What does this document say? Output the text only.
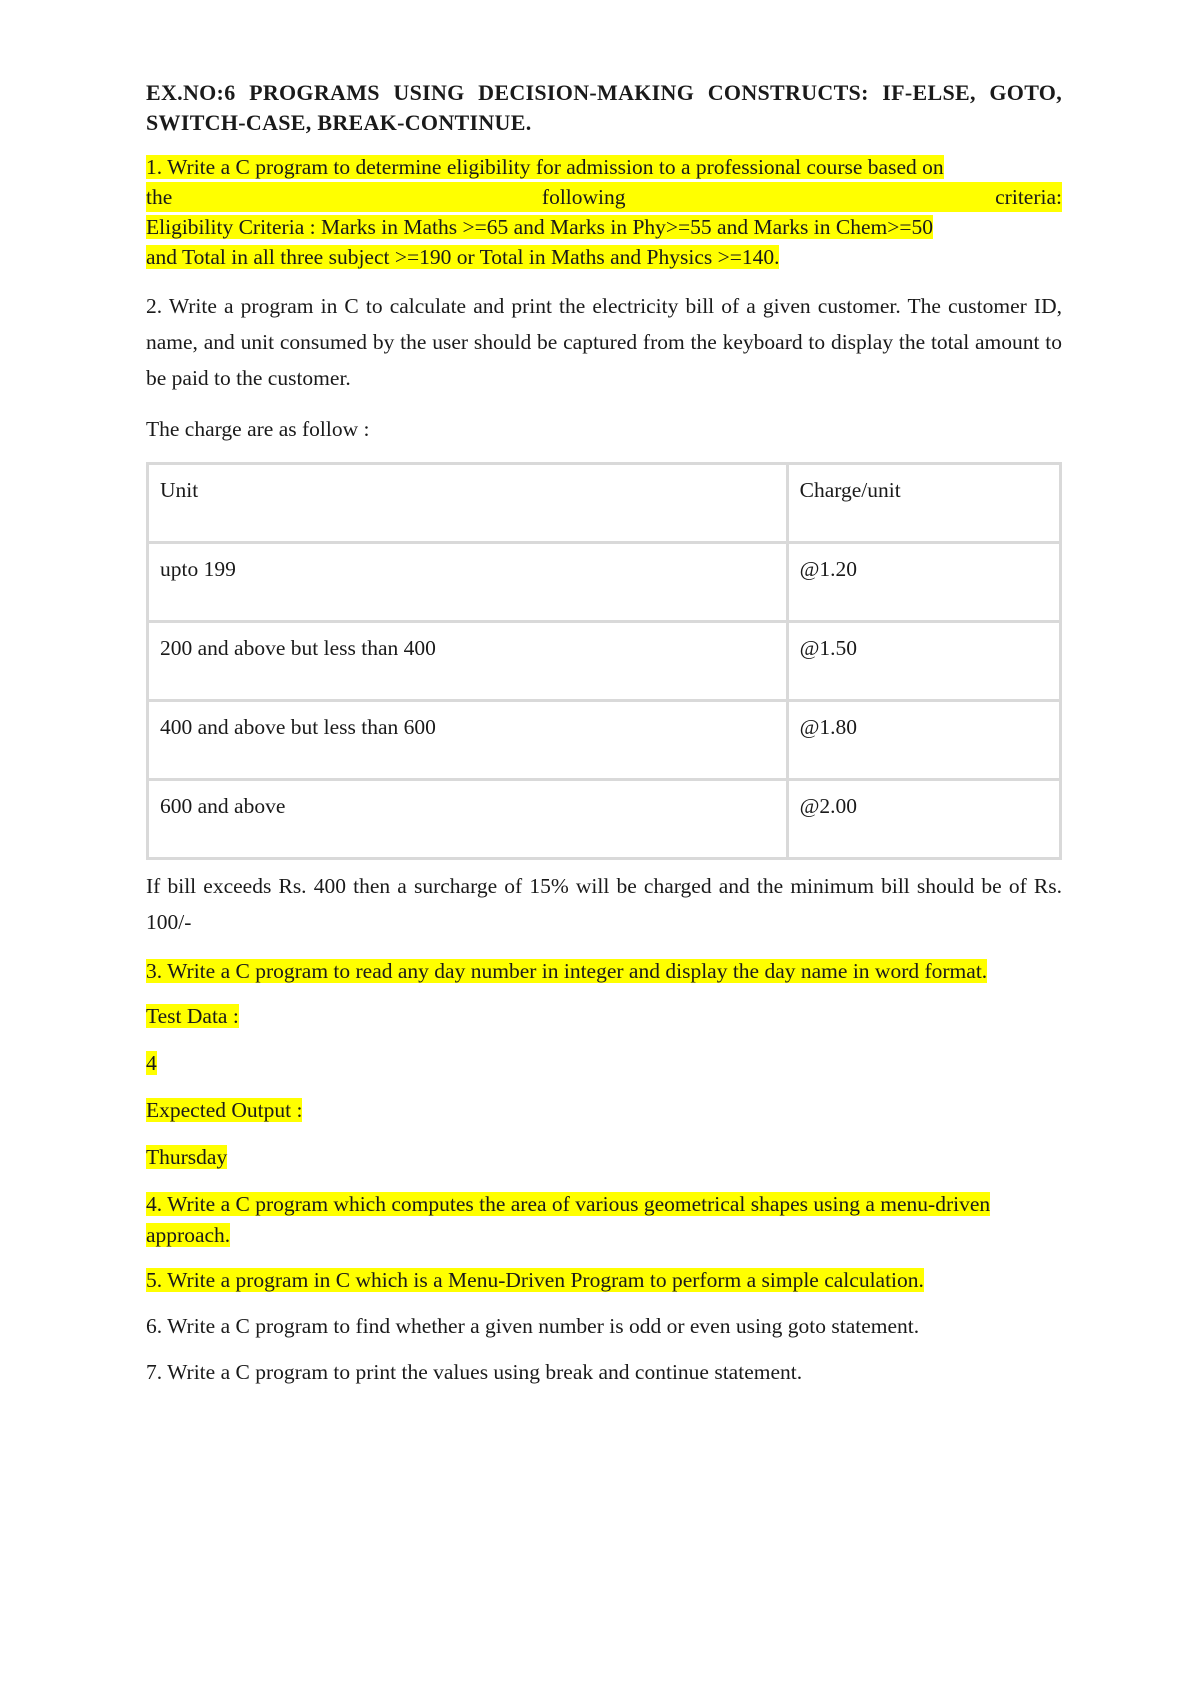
EX.NO:6 PROGRAMS USING DECISION-MAKING CONSTRUCTS: IF-ELSE, GOTO, SWITCH-CASE, BREAK-CONTINUE.

1. Write a C program to determine eligibility for admission to a professional course based on
the	following	criteria:
Eligibility Criteria : Marks in Maths >=65 and Marks in Phy>=55 and Marks in Chem>=50
and Total in all three subject >=190 or Total in Maths and Physics >=140.

2. Write a program in C to calculate and print the electricity bill of a given customer. The customer ID, name, and unit consumed by the user should be captured from the keyboard to display the total amount to be paid to the customer.

The charge are as follow :

Unit	Charge/unit
upto 199	@1.20
200 and above but less than 400	@1.50
400 and above but less than 600	@1.80
600 and above	@2.00

If bill exceeds Rs. 400 then a surcharge of 15% will be charged and the minimum bill should be of Rs. 100/-

3. Write a C program to read any day number in integer and display the day name in word format.

Test Data :

4

Expected Output :

Thursday

4. Write a C program which computes the area of various geometrical shapes using a menu-driven approach.

5. Write a program in C which is a Menu-Driven Program to perform a simple calculation.

6. Write a C program to find whether a given number is odd or even using goto statement.

7. Write a C program to print the values using break and continue statement.
